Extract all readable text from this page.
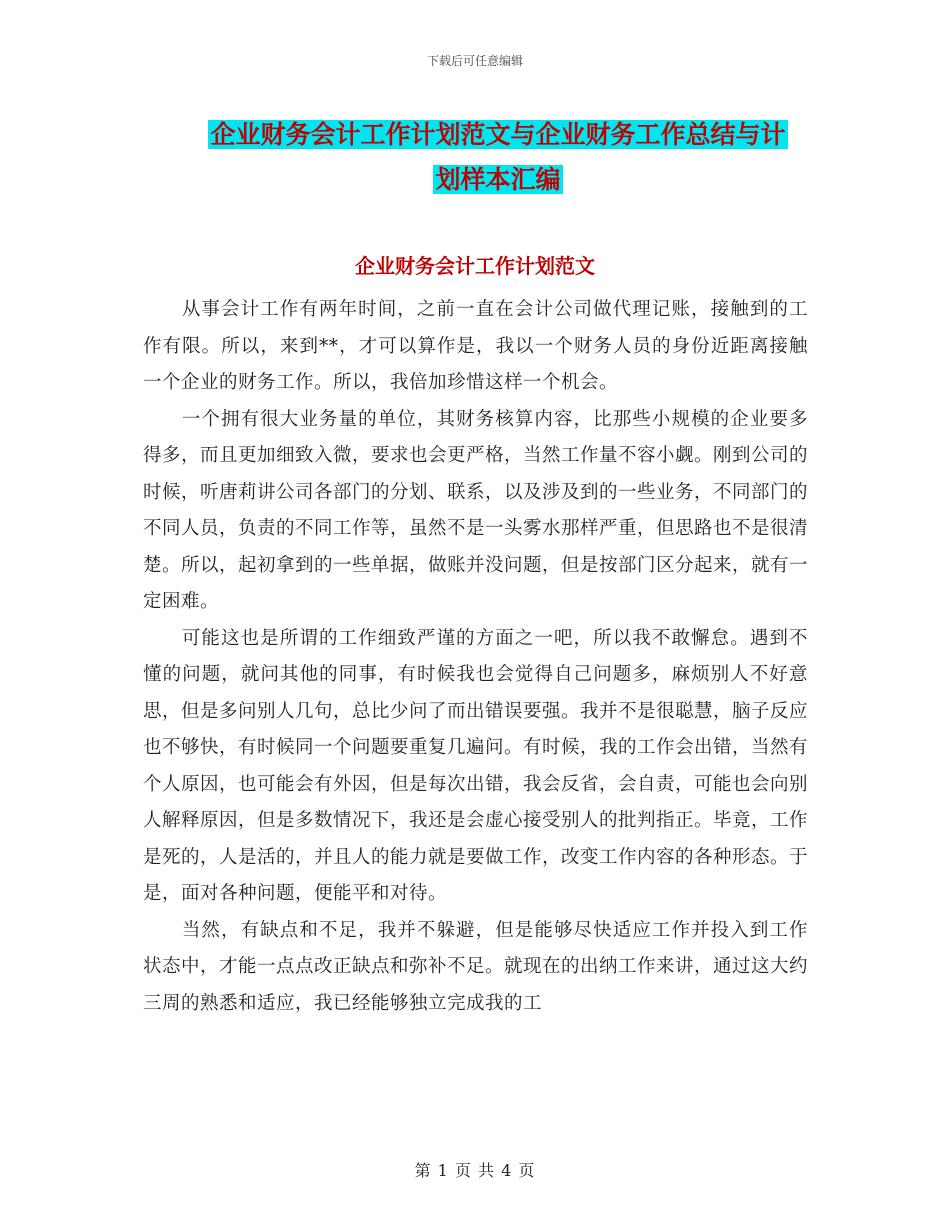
下载后可任意编辑
企业财务会计工作计划范文与企业财务工作总结与计
划样本汇编
企业财务会计工作计划范文

从事会计工作有两年时间，之前一直在会计公司做代理记账，接触到的工作有限。所以，来到**，才可以算作是，我以一个财务人员的身份近距离接触一个企业的财务工作。所以，我倍加珍惜这样一个机会。

一个拥有很大业务量的单位，其财务核算内容，比那些小规模的企业要多得多，而且更加细致入微，要求也会更严格，当然工作量不容小觑。刚到公司的时候，听唐莉讲公司各部门的分划、联系，以及涉及到的一些业务，不同部门的不同人员，负责的不同工作等，虽然不是一头雾水那样严重，但思路也不是很清楚。所以，起初拿到的一些单据，做账并没问题，但是按部门区分起来，就有一定困难。

可能这也是所谓的工作细致严谨的方面之一吧，所以我不敢懈怠。遇到不懂的问题，就问其他的同事，有时候我也会觉得自己问题多，麻烦别人不好意思，但是多问别人几句，总比少问了而出错误要强。我并不是很聪慧，脑子反应也不够快，有时候同一个问题要重复几遍问。有时候，我的工作会出错，当然有个人原因，也可能会有外因，但是每次出错，我会反省，会自责，可能也会向别人解释原因，但是多数情况下，我还是会虚心接受别人的批判指正。毕竟，工作是死的，人是活的，并且人的能力就是要做工作，改变工作内容的各种形态。于是，面对各种问题，便能平和对待。

当然，有缺点和不足，我并不躲避，但是能够尽快适应工作并投入到工作状态中，才能一点点改正缺点和弥补不足。就现在的出纳工作来讲，通过这大约三周的熟悉和适应，我已经能够独立完成我的工

第 1 页 共 4 页
